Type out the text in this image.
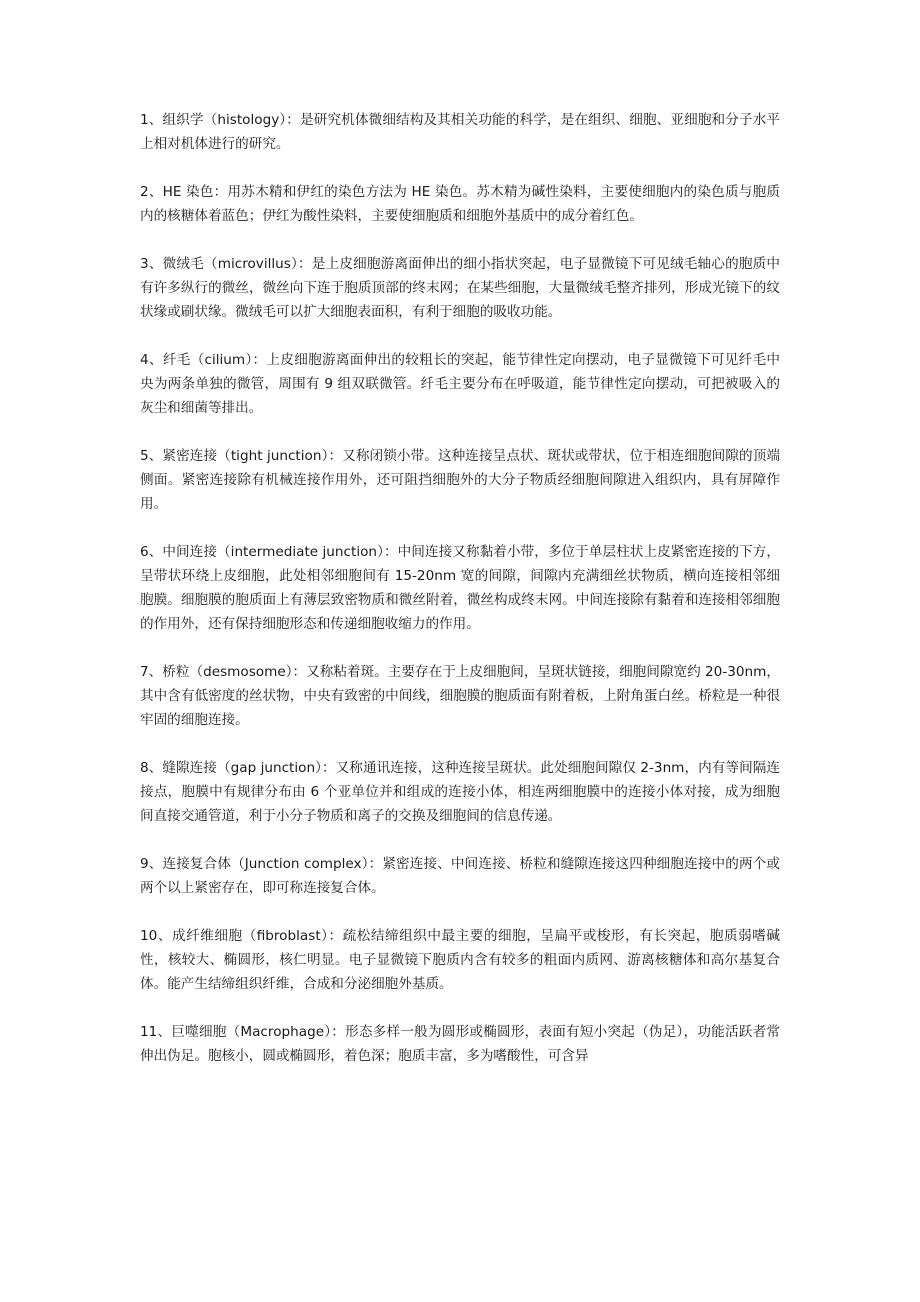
1、组织学（histology）：是研究机体微细结构及其相关功能的科学，是在组织、细胞、亚细胞和分子水平上相对机体进行的研究。

2、HE 染色：用苏木精和伊红的染色方法为 HE 染色。苏木精为碱性染料，主要使细胞内的染色质与胞质内的核糖体着蓝色；伊红为酸性染料，主要使细胞质和细胞外基质中的成分着红色。

3、微绒毛（microvillus）：是上皮细胞游离面伸出的细小指状突起，电子显微镜下可见绒毛轴心的胞质中有许多纵行的微丝，微丝向下连于胞质顶部的终末网；在某些细胞，大量微绒毛整齐排列，形成光镜下的纹状缘或刷状缘。微绒毛可以扩大细胞表面积，有利于细胞的吸收功能。

4、纤毛（cilium）：上皮细胞游离面伸出的较粗长的突起，能节律性定向摆动，电子显微镜下可见纤毛中央为两条单独的微管，周围有 9 组双联微管。纤毛主要分布在呼吸道，能节律性定向摆动，可把被吸入的灰尘和细菌等排出。

5、紧密连接（tight junction）：又称闭锁小带。这种连接呈点状、斑状或带状，位于相连细胞间隙的顶端侧面。紧密连接除有机械连接作用外，还可阻挡细胞外的大分子物质经细胞间隙进入组织内，具有屏障作用。

6、中间连接（intermediate junction）：中间连接又称黏着小带，多位于单层柱状上皮紧密连接的下方，呈带状环绕上皮细胞，此处相邻细胞间有 15-20nm 宽的间隙，间隙内充满细丝状物质，横向连接相邻细胞膜。细胞膜的胞质面上有薄层致密物质和微丝附着，微丝构成终末网。中间连接除有黏着和连接相邻细胞的作用外，还有保持细胞形态和传递细胞收缩力的作用。

7、桥粒（desmosome）：又称粘着斑。主要存在于上皮细胞间，呈斑状链接，细胞间隙宽约 20-30nm，其中含有低密度的丝状物，中央有致密的中间线，细胞膜的胞质面有附着板，上附角蛋白丝。桥粒是一种很牢固的细胞连接。

8、缝隙连接（gap junction）：又称通讯连接，这种连接呈斑状。此处细胞间隙仅 2-3nm，内有等间隔连接点，胞膜中有规律分布由 6 个亚单位并和组成的连接小体，相连两细胞膜中的连接小体对接，成为细胞间直接交通管道，利于小分子物质和离子的交换及细胞间的信息传递。

9、连接复合体（Junction complex）：紧密连接、中间连接、桥粒和缝隙连接这四种细胞连接中的两个或两个以上紧密存在，即可称连接复合体。

10、成纤维细胞（fibroblast）：疏松结缔组织中最主要的细胞，呈扁平或梭形，有长突起，胞质弱嗜碱性，核较大、椭圆形，核仁明显。电子显微镜下胞质内含有较多的粗面内质网、游离核糖体和高尔基复合体。能产生结缔组织纤维，合成和分泌细胞外基质。

11、巨噬细胞（Macrophage）：形态多样一般为圆形或椭圆形，表面有短小突起（伪足），功能活跃者常伸出伪足。胞核小，圆或椭圆形，着色深；胞质丰富，多为嗜酸性，可含异
